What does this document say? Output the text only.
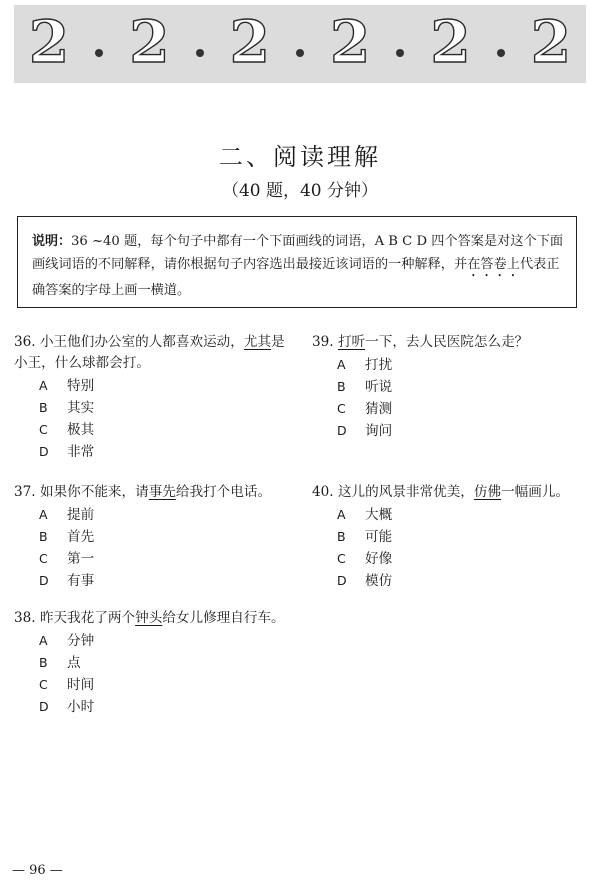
2 2 2 2 2 2
二、阅读理解
（40 题，40 分钟）
说明：36 ~40 题，每个句子中都有一个下面画线的词语，A B C D 四个答案是对这个下面画线词语的不同解释，请你根据句子内容选出最接近该词语的一种解释，并在答卷上代表正确答案的字母上画一横道。
36. 小王他们办公室的人都喜欢运动，尤其是小王，什么球都会打。
A 特别
B 其实
C 极其
D 非常
39. 打听一下，去人民医院怎么走？
A 打扰
B 听说
C 猜测
D 询问
37. 如果你不能来，请事先给我打个电话。
A 提前
B 首先
C 第一
D 有事
40. 这儿的风景非常优美，仿佛一幅画儿。
A 大概
B 可能
C 好像
D 模仿
38. 昨天我花了两个钟头给女儿修理自行车。
A 分钟
B 点
C 时间
D 小时
— 96 —
